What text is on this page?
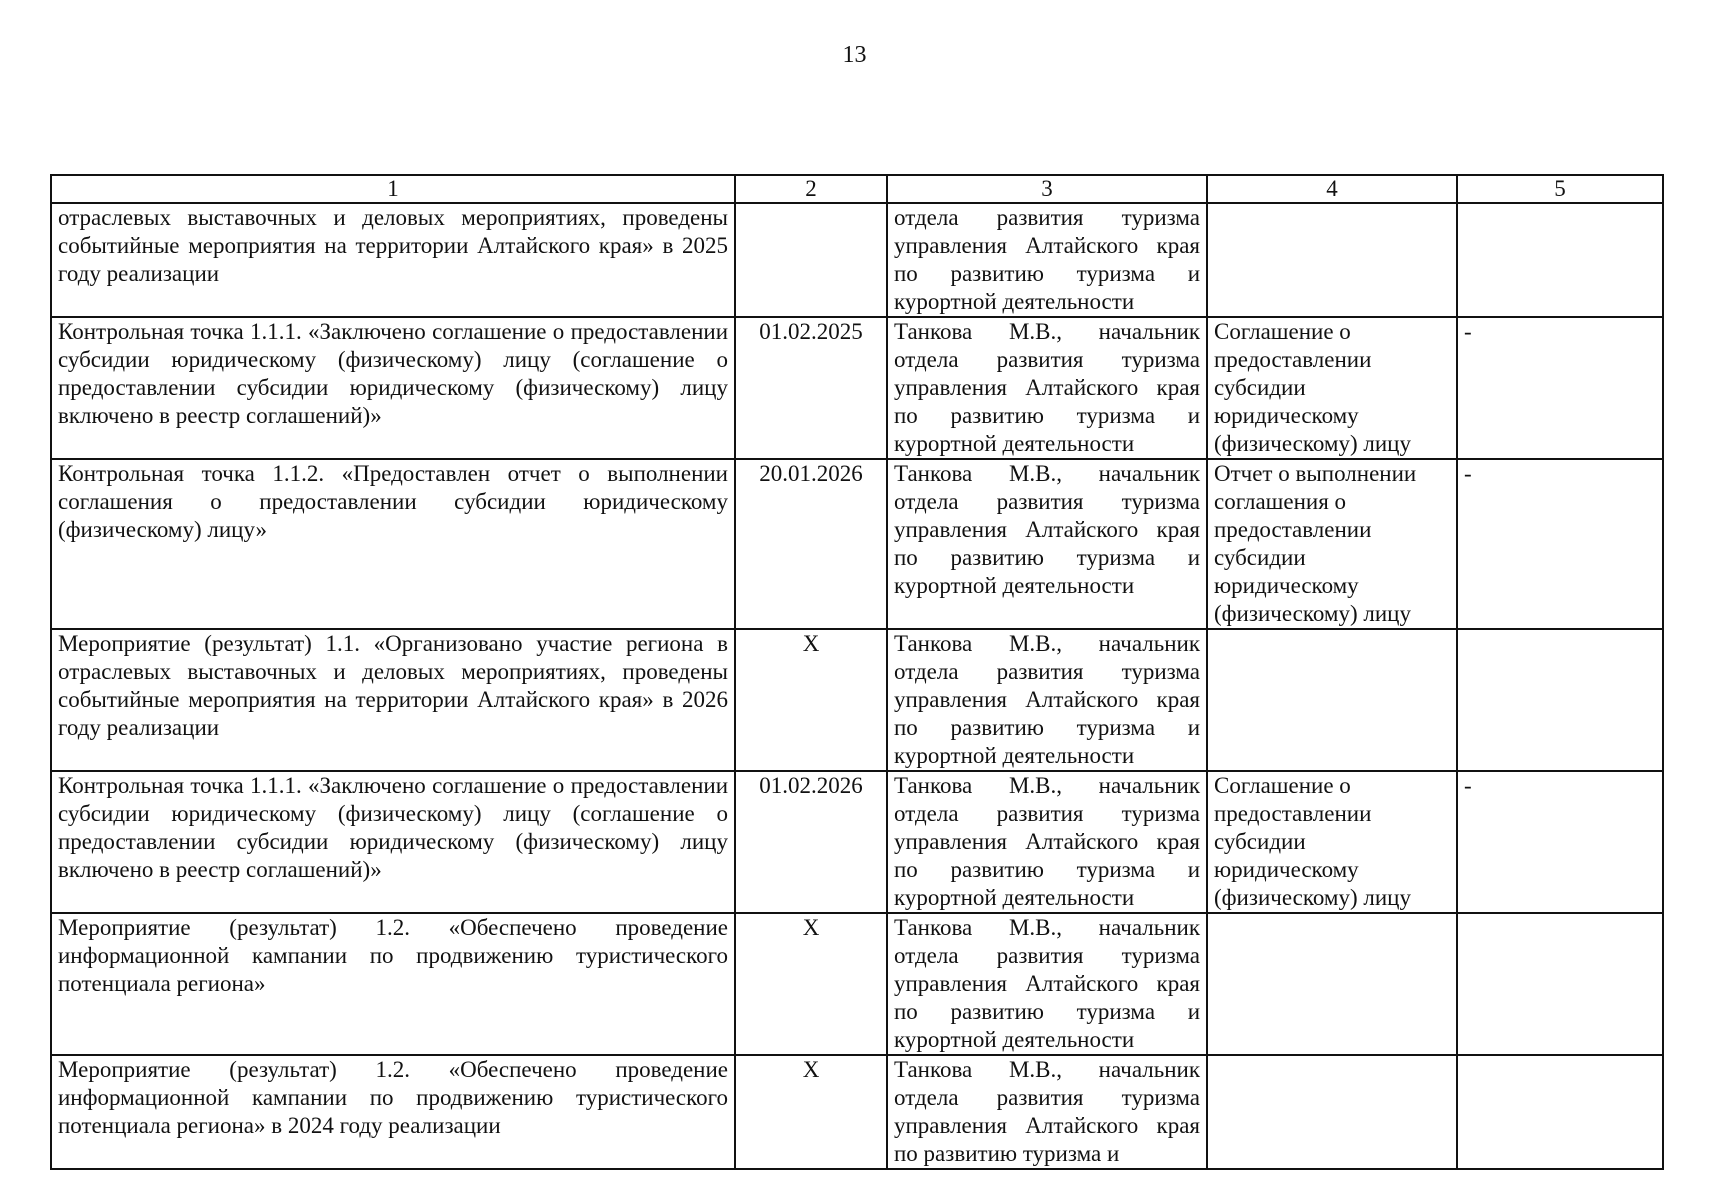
13
1	2	3	4	5
отраслевых выставочных и деловых мероприятиях, проведены событийные мероприятия на территории Алтайского края» в 2025 году реализации		отдела развития туризма управления Алтайского края по развитию туризма и курортной деятельности		
Контрольная точка 1.1.1. «Заключено соглашение о предоставлении субсидии юридическому (физическому) лицу (соглашение о предоставлении субсидии юридическому (физическому) лицу включено в реестр соглашений)»	01.02.2025	Танкова М.В., начальник отдела развития туризма управления Алтайского края по развитию туризма и курортной деятельности	Соглашение о предоставлении субсидии юридическому (физическому) лицу	-
Контрольная точка 1.1.2. «Предоставлен отчет о выполнении соглашения о предоставлении субсидии юридическому (физическому) лицу»	20.01.2026	Танкова М.В., начальник отдела развития туризма управления Алтайского края по развитию туризма и курортной деятельности	Отчет о выполнении соглашения о предоставлении субсидии юридическому (физическому) лицу	-
Мероприятие (результат) 1.1. «Организовано участие региона в отраслевых выставочных и деловых мероприятиях, проведены событийные мероприятия на территории Алтайского края» в 2026 году реализации	X	Танкова М.В., начальник отдела развития туризма управления Алтайского края по развитию туризма и курортной деятельности		
Контрольная точка 1.1.1. «Заключено соглашение о предоставлении субсидии юридическому (физическому) лицу (соглашение о предоставлении субсидии юридическому (физическому) лицу включено в реестр соглашений)»	01.02.2026	Танкова М.В., начальник отдела развития туризма управления Алтайского края по развитию туризма и курортной деятельности	Соглашение о предоставлении субсидии юридическому (физическому) лицу	-
Мероприятие (результат) 1.2. «Обеспечено проведение информационной кампании по продвижению туристического потенциала региона»	X	Танкова М.В., начальник отдела развития туризма управления Алтайского края по развитию туризма и курортной деятельности		
Мероприятие (результат) 1.2. «Обеспечено проведение информационной кампании по продвижению туристического потенциала региона» в 2024 году реализации	X	Танкова М.В., начальник отдела развития туризма управления Алтайского края по развитию туризма и		
